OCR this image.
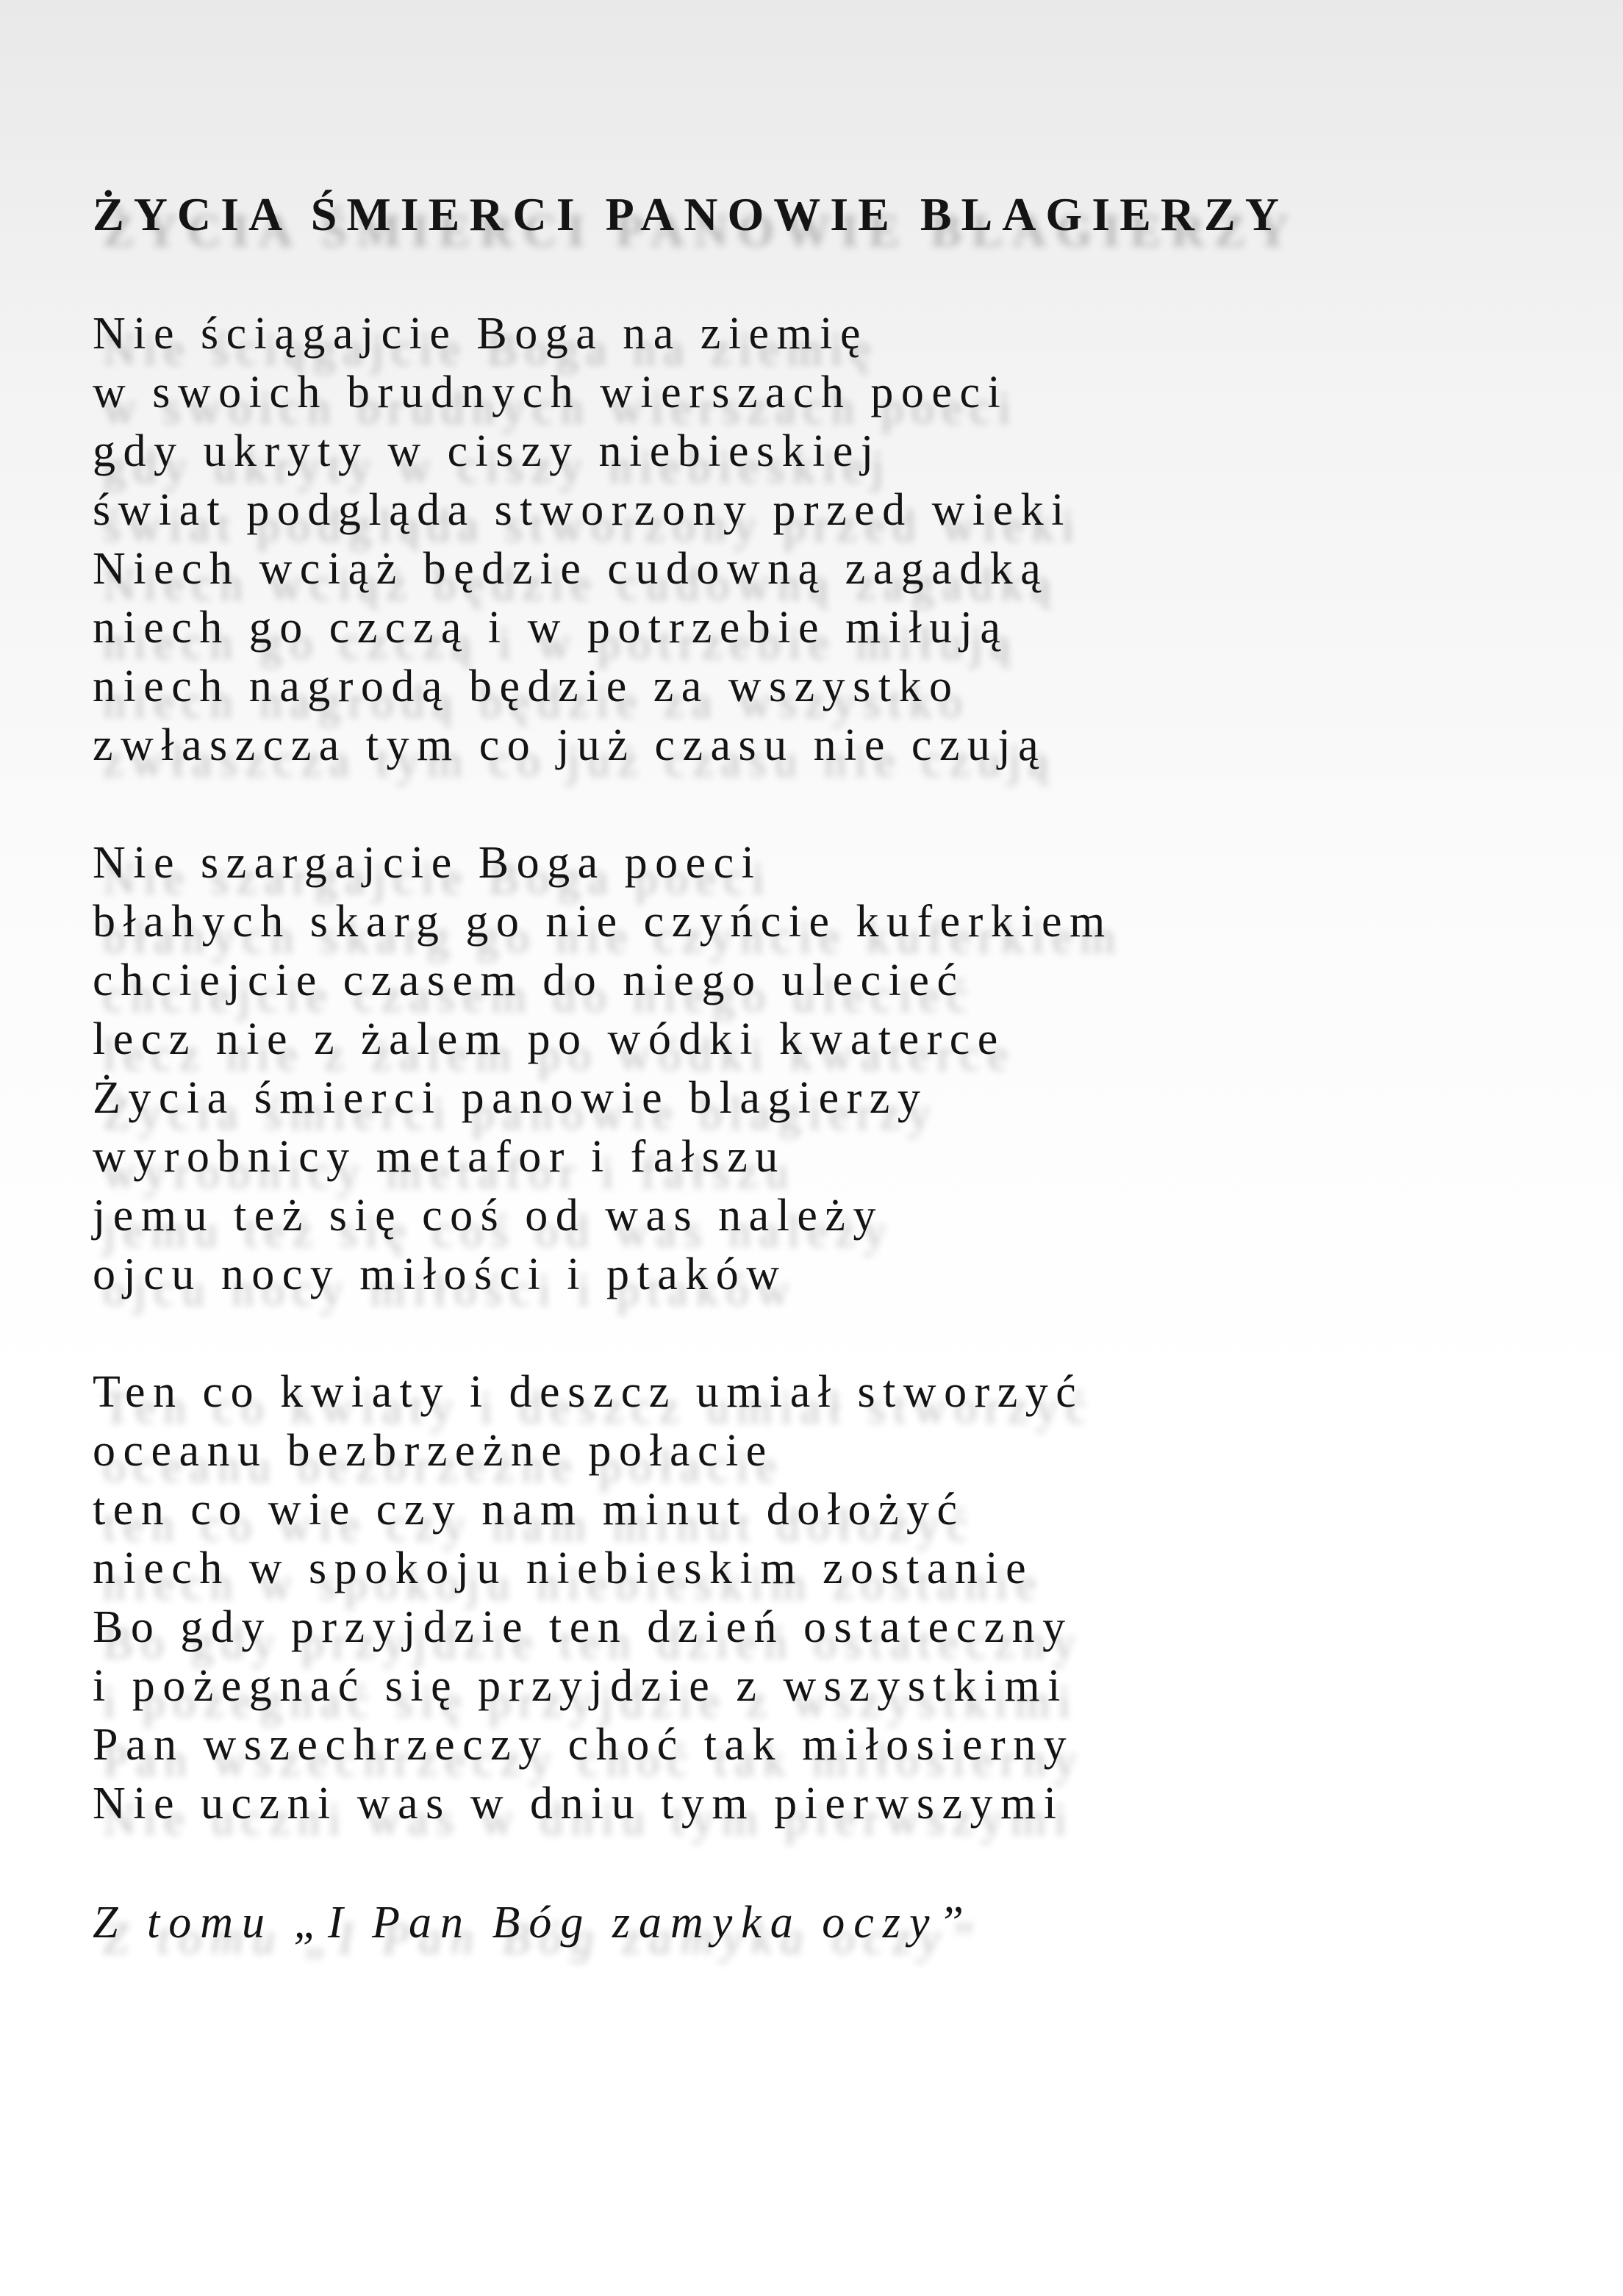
ŻYCIA ŚMIERCI PANOWIE BLAGIERZY
Nie ściągajcie Boga na ziemię
w swoich brudnych wierszach poeci
gdy ukryty w ciszy niebieskiej
świat podgląda stworzony przed wieki
Niech wciąż będzie cudowną zagadką
niech go czczą i w potrzebie miłują
niech nagrodą będzie za wszystko
zwłaszcza tym co już czasu nie czują
Nie szargajcie Boga poeci
błahych skarg go nie czyńcie kuferkiem
chciejcie czasem do niego ulecieć
lecz nie z żalem po wódki kwaterce
Życia śmierci panowie blagierzy
wyrobnicy metafor i fałszu
jemu też się coś od was należy
ojcu nocy miłości i ptaków
Ten co kwiaty i deszcz umiał stworzyć
oceanu bezbrzeżne połacie
ten co wie czy nam minut dołożyć
niech w spokoju niebieskim zostanie
Bo gdy przyjdzie ten dzień ostateczny
i pożegnać się przyjdzie z wszystkimi
Pan wszechrzeczy choć tak miłosierny
Nie uczni was w dniu tym pierwszymi

Z tomu „I Pan Bóg zamyka oczy”
